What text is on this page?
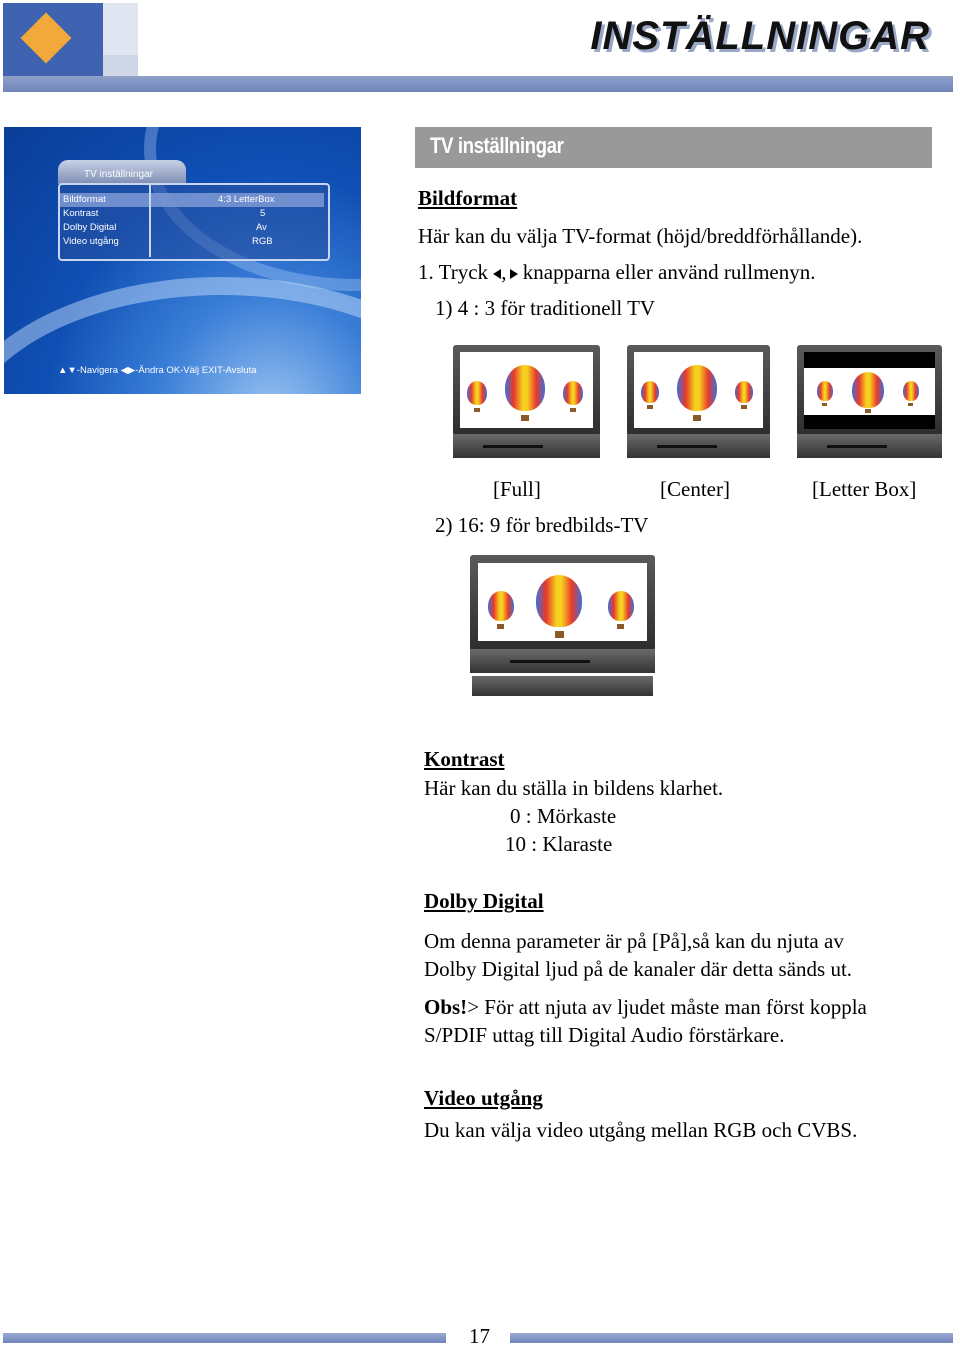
INSTÄLLNINGAR
TV inställningar
Bildformat	4:3 LetterBox
Kontrast	5
Dolby Digital	Av
Video utgång	RGB
▲▼-Navigera ◀▶-Ändra OK-Välj EXIT-Avsluta
TV inställningar
Bildformat
Här kan du välja TV-format (höjd/breddförhållande).
1. Tryck , knapparna eller använd rullmenyn.
1) 4 : 3 för traditionell TV
[Full]	[Center]	[Letter Box]
2) 16: 9 för bredbilds-TV
Kontrast
Här kan du ställa in bildens klarhet.
0 : Mörkaste
10 : Klaraste
Dolby Digital
Om denna parameter är på [På],så kan du njuta av
Dolby Digital ljud på de kanaler där detta sänds ut.
Obs!> För att njuta av ljudet måste man först koppla
S/PDIF uttag till Digital Audio förstärkare.
Video utgång
Du kan välja video utgång mellan RGB och CVBS.
17
